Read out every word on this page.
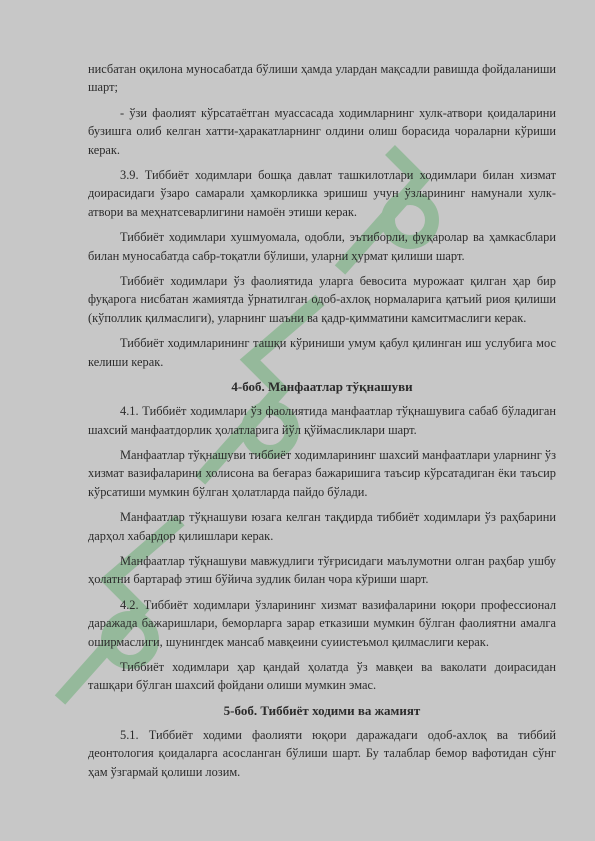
нисбатан оқилона муносабатда бўлиши ҳамда улардан мақсадли равишда фойдаланиши шарт;

- ўзи фаолият кўрсатаётган муассасада ходимларнинг хулк-атвори қоидаларини бузишга олиб келган хатти-ҳаракатларнинг олдини олиш борасида чораларни кўриши керак.

3.9. Тиббиёт ходимлари бошқа давлат ташкилотлари ходимлари билан хизмат доирасидаги ўзаро самарали ҳамкорликка эришиш учун ўзларининг намунали хулк-атвори ва меҳнатсеварлигини намоён этиши керак.

Тиббиёт ходимлари хушмуомала, одобли, эътиборли, фуқаролар ва ҳамкасблари билан муносабатда сабр-тоқатли бўлиши, уларни ҳурмат қилиши шарт.

Тиббиёт ходимлари ўз фаолиятида уларга бевосита мурожаат қилган ҳар бир фуқарога нисбатан жамиятда ўрнатилган одоб-ахлоқ нормаларига қатъий риоя қилиши (кўполлик қилмаслиги), уларнинг шаъни ва қадр-қимматини камситмаслиги керак.

Тиббиёт ходимларининг ташқи кўриниши умум қабул қилинган иш услубига мос келиши керак.

4-боб. Манфаатлар тўқнашуви

4.1. Тиббиёт ходимлари ўз фаолиятида манфаатлар тўқнашувига сабаб бўладиган шахсий манфаатдорлик ҳолатларига йўл қўймасликлари шарт.

Манфаатлар тўқнашуви тиббиёт ходимларининг шахсий манфаатлари уларнинг ўз хизмат вазифаларини холисона ва беғараз бажаришига таъсир кўрсатадиган ёки таъсир кўрсатиши мумкин бўлган ҳолатларда пайдо бўлади.

Манфаатлар тўқнашуви юзага келган тақдирда тиббиёт ходимлари ўз раҳбарини дарҳол хабардор қилишлари керак.

Манфаатлар тўқнашуви мавжудлиги тўғрисидаги маълумотни олган раҳбар ушбу ҳолатни бартараф этиш бўйича зудлик билан чора кўриши шарт.

4.2. Тиббиёт ходимлари ўзларининг хизмат вазифаларини юқори профессионал даражада бажаришлари, беморларга зарар етказиши мумкин бўлган фаолиятни амалга оширмаслиги, шунингдек мансаб мавқеини суиистеъмол қилмаслиги керак.

Тиббиёт ходимлари ҳар қандай ҳолатда ўз мавқеи ва ваколати доирасидан ташқари бўлган шахсий фойдани олиши мумкин эмас.

5-боб. Тиббиёт ходими ва жамият

5.1. Тиббиёт ходими фаолияти юқори даражадаги одоб-ахлоқ ва тиббий деонтология қоидаларга асосланган бўлиши шарт. Бу талаблар бемор вафотидан сўнг ҳам ўзгармай қолиши лозим.
